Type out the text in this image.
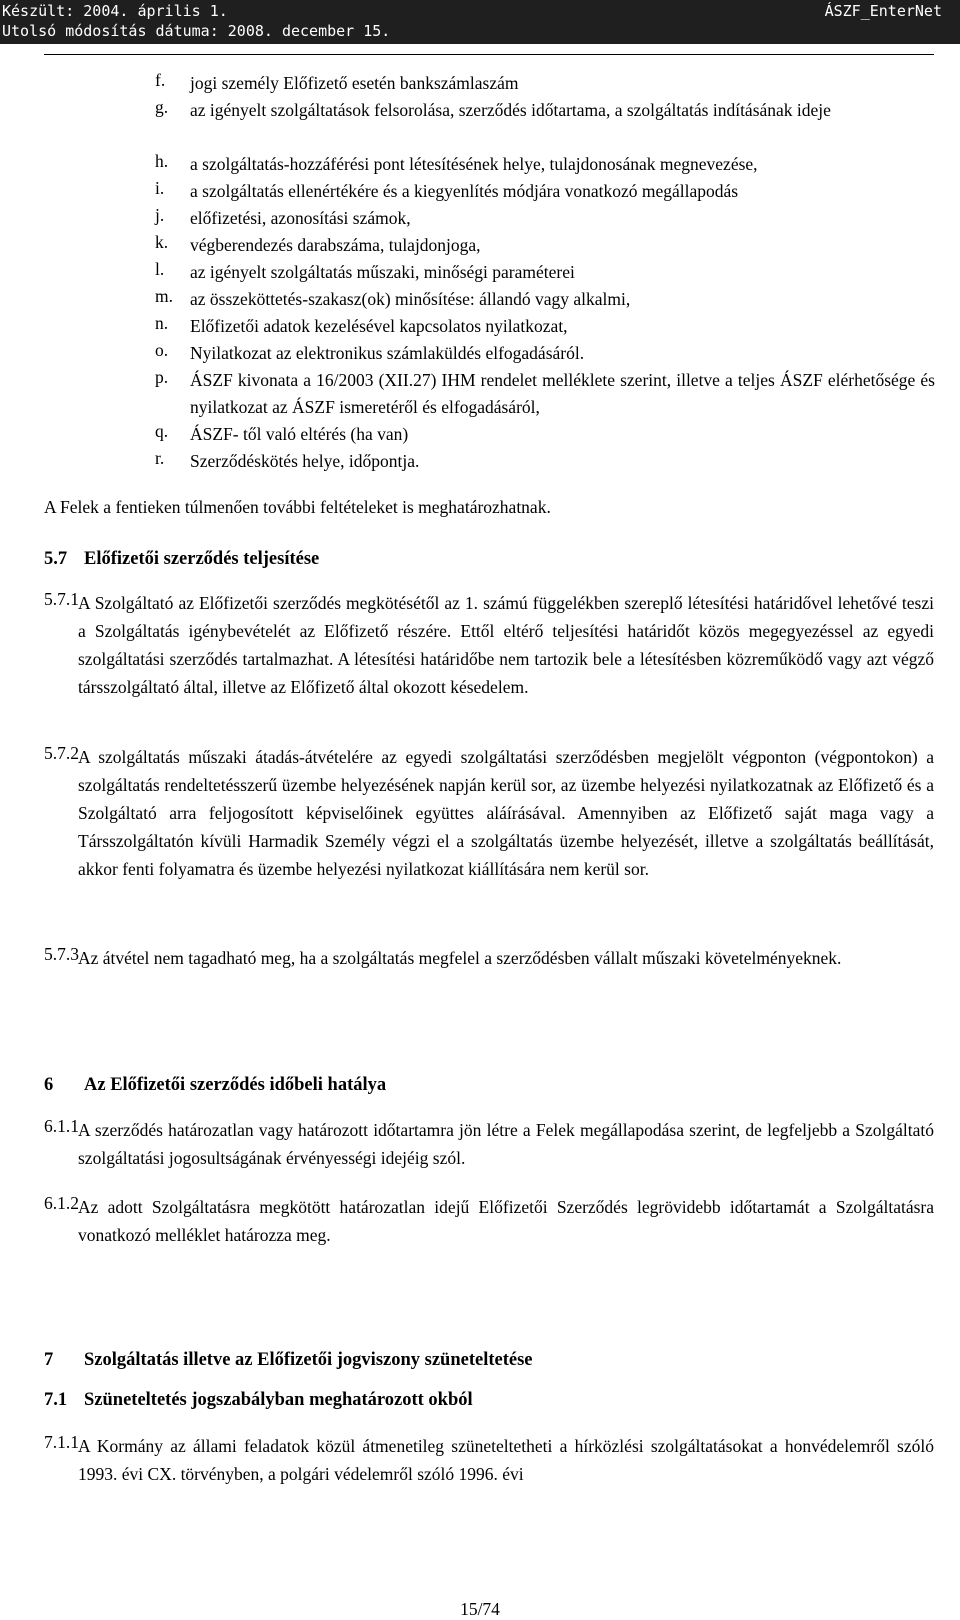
Készült: 2004. április 1.
Utolsó módosítás dátuma: 2008. december 15.
ÁSZF_EnterNet
f. jogi személy Előfizető esetén bankszámlaszám
g. az igényelt szolgáltatások felsorolása, szerződés időtartama, a szolgáltatás indításának ideje
h. a szolgáltatás-hozzáférési pont létesítésének helye, tulajdonosának megnevezése,
i. a szolgáltatás ellenértékére és a kiegyenlítés módjára vonatkozó megállapodás
j. előfizetési, azonosítási számok,
k. végberendezés darabszáma, tulajdonjoga,
l. az igényelt szolgáltatás műszaki, minőségi paraméterei
m. az összeköttetés-szakasz(ok) minősítése: állandó vagy alkalmi,
n. Előfizetői adatok kezelésével kapcsolatos nyilatkozat,
o. Nyilatkozat az elektronikus számlaküldés elfogadásáról.
p. ÁSZF kivonata a 16/2003 (XII.27) IHM rendelet melléklete szerint, illetve a teljes ÁSZF elérhetősége és nyilatkozat az ÁSZF ismeretéről és elfogadásáról,
q. ÁSZF- től való eltérés (ha van)
r. Szerződéskötés helye, időpontja.
A Felek a fentieken túlmenően további feltételeket is meghatározhatnak.
5.7 Előfizetői szerződés teljesítése
5.7.1 A Szolgáltató az Előfizetői szerződés megkötésétől az 1. számú függelékben szereplő létesítési határidővel lehetővé teszi a Szolgáltatás igénybevételét az Előfizető részére. Ettől eltérő teljesítési határidőt közös megegyezéssel az egyedi szolgáltatási szerződés tartalmazhat. A létesítési határidőbe nem tartozik bele a létesítésben közreműködő vagy azt végző társszolgáltató által, illetve az Előfizető által okozott késedelem.
5.7.2 A szolgáltatás műszaki átadás-átvételére az egyedi szolgáltatási szerződésben megjelölt végponton (végpontokon) a szolgáltatás rendeltetésszerű üzembe helyezésének napján kerül sor, az üzembe helyezési nyilatkozatnak az Előfizető és a Szolgáltató arra feljogosított képviselőinek együttes aláírásával. Amennyiben az Előfizető saját maga vagy a Társszolgáltatón kívüli Harmadik Személy végzi el a szolgáltatás üzembe helyezését, illetve a szolgáltatás beállítását, akkor fenti folyamatra és üzembe helyezési nyilatkozat kiállítására nem kerül sor.
5.7.3 Az átvétel nem tagadható meg, ha a szolgáltatás megfelel a szerződésben vállalt műszaki követelményeknek.
6 Az Előfizetői szerződés időbeli hatálya
6.1.1 A szerződés határozatlan vagy határozott időtartamra jön létre a Felek megállapodása szerint, de legfeljebb a Szolgáltató szolgáltatási jogosultságának érvényességi idejéig szól.
6.1.2 Az adott Szolgáltatásra megkötött határozatlan idejű Előfizetői Szerződés legrövidebb időtartamát a Szolgáltatásra vonatkozó melléklet határozza meg.
7 Szolgáltatás illetve az Előfizetői jogviszony szüneteltetése
7.1 Szüneteltetés jogszabályban meghatározott okból
7.1.1 A Kormány az állami feladatok közül átmenetileg szüneteltetheti a hírközlési szolgáltatásokat a honvédelemről szóló 1993. évi CX. törvényben, a polgári védelemről szóló 1996. évi
15/74
